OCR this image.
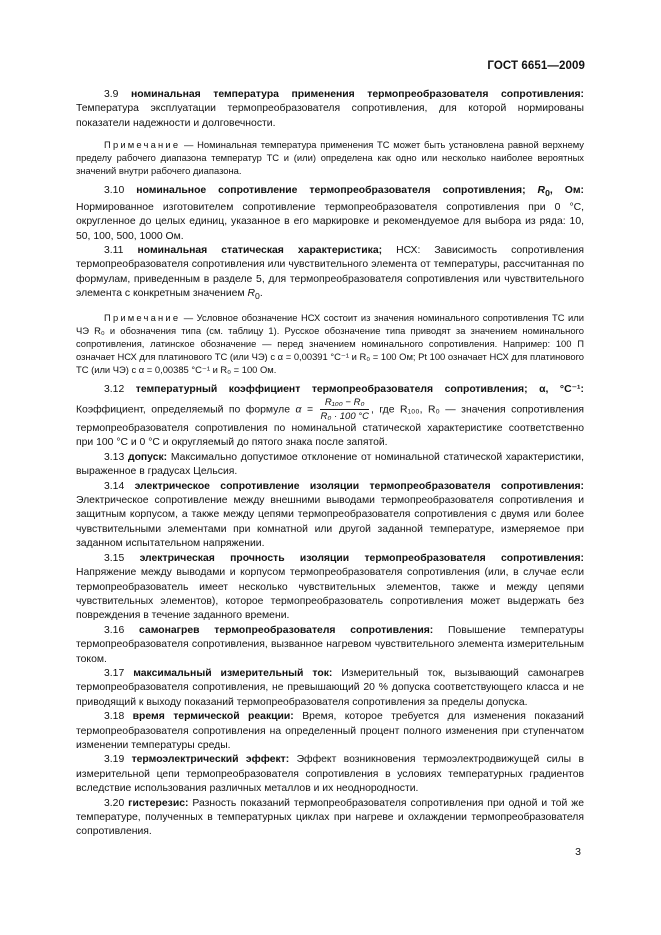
ГОСТ 6651—2009

3.9 номинальная температура применения термопреобразователя сопротивления: Температура эксплуатации термопреобразователя сопротивления, для которой нормированы показатели надежности и долговечности.

Примечание — Номинальная температура применения ТС может быть установлена равной верхнему пределу рабочего диапазона температур ТС и (или) определена как одно или несколько наиболее вероятных значений внутри рабочего диапазона.

3.10 номинальное сопротивление термопреобразователя сопротивления; $R_0$, Ом: Нормированное изготовителем сопротивление термопреобразователя сопротивления при 0 °С, округленное до целых единиц, указанное в его маркировке и рекомендуемое для выбора из ряда: 10, 50, 100, 500, 1000 Ом.

3.11 номинальная статическая характеристика; НСХ: Зависимость сопротивления термопреобразователя сопротивления или чувствительного элемента от температуры, рассчитанная по формулам, приведенным в разделе 5, для термопреобразователя сопротивления или чувствительного элемента с конкретным значением $R_0$.

Примечание — Условное обозначение НСХ состоит из значения номинального сопротивления ТС или ЧЭ R₀ и обозначения типа (см. таблицу 1). Русское обозначение типа приводят за значением номинального сопротивления, латинское обозначение — перед значением номинального сопротивления. Например: 100 П означает НСХ для платинового ТС (или ЧЭ) с α = 0,00391 °С⁻¹ и R₀ = 100 Ом; Pt 100 означает НСХ для платинового ТС (или ЧЭ) с α = 0,00385 °С⁻¹ и R₀ = 100 Ом.

3.12 температурный коэффициент термопреобразователя сопротивления; α, °С⁻¹: Коэффициент, определяемый по формуле $\alpha = \frac{\text{R₁₀₀ − R₀}}{\text{R₀ · 100 °С}}$ , где R₁₀₀, R₀ — значения сопротивления термопреобразователя сопротивления по номинальной статической характеристике соответственно при 100 °С и 0 °С и округляемый до пятого знака после запятой.

3.13 допуск: Максимально допустимое отклонение от номинальной статической характеристики, выраженное в градусах Цельсия.

3.14 электрическое сопротивление изоляции термопреобразователя сопротивления: Электрическое сопротивление между внешними выводами термопреобразователя сопротивления и защитным корпусом, а также между цепями термопреобразователя сопротивления с двумя или более чувствительными элементами при комнатной или другой заданной температуре, измеряемое при заданном испытательном напряжении.

3.15 электрическая прочность изоляции термопреобразователя сопротивления: Напряжение между выводами и корпусом термопреобразователя сопротивления (или, в случае если термопреобразователь имеет несколько чувствительных элементов, также и между цепями чувствительных элементов), которое термопреобразователь сопротивления может выдержать без повреждения в течение заданного времени.

3.16 самонагрев термопреобразователя сопротивления: Повышение температуры термопреобразователя сопротивления, вызванное нагревом чувствительного элемента измерительным током.

3.17 максимальный измерительный ток: Измерительный ток, вызывающий самонагрев термопреобразователя сопротивления, не превышающий 20 % допуска соответствующего класса и не приводящий к выходу показаний термопреобразователя сопротивления за пределы допуска.

3.18 время термической реакции: Время, которое требуется для изменения показаний термопреобразователя сопротивления на определенный процент полного изменения при ступенчатом изменении температуры среды.

3.19 термоэлектрический эффект: Эффект возникновения термоэлектродвижущей силы в измерительной цепи термопреобразователя сопротивления в условиях температурных градиентов вследствие использования различных металлов и их неоднородности.

3.20 гистерезис: Разность показаний термопреобразователя сопротивления при одной и той же температуре, полученных в температурных циклах при нагреве и охлаждении термопреобразователя сопротивления.

3
